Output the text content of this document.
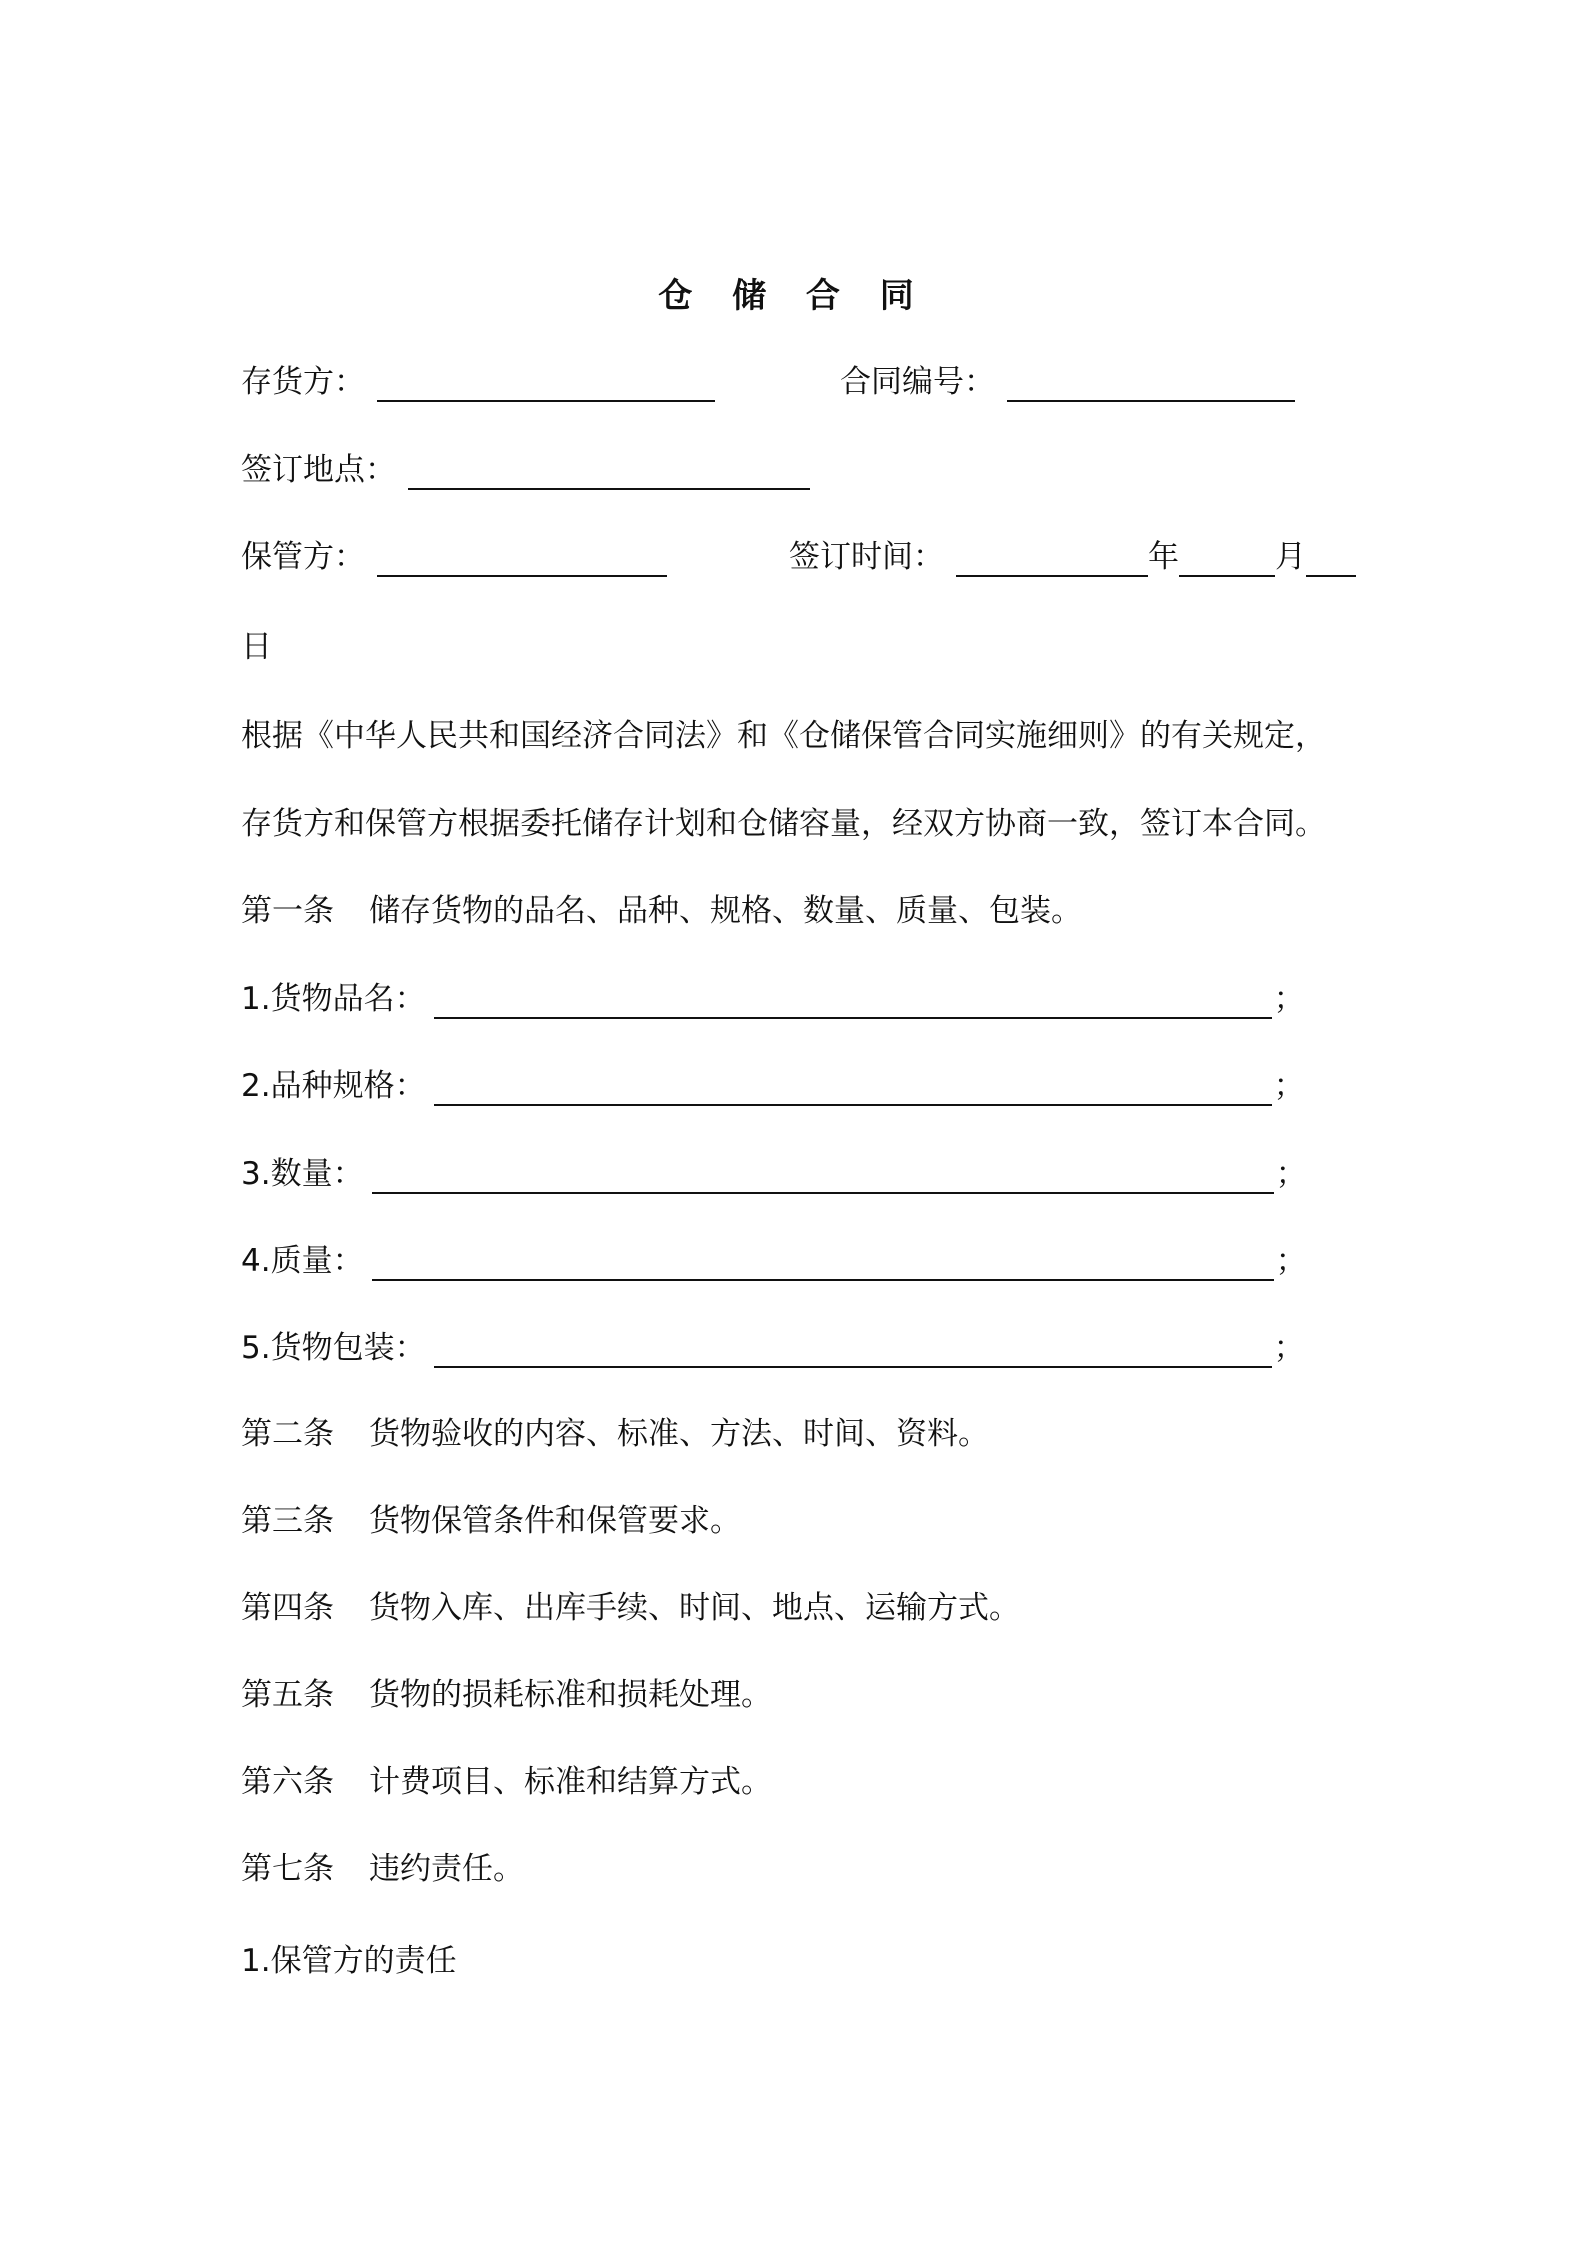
仓 储 合 同
存货方：	合同编号：
签订地点：
保管方：	签订时间：	年	月
日
根据《中华人民共和国经济合同法》和《仓储保管合同实施细则》的有关规定，
存货方和保管方根据委托储存计划和仓储容量，经双方协商一致，签订本合同。
第一条 储存货物的品名、品种、规格、数量、质量、包装。
1.货物品名：	；
2.品种规格：	；
3.数量：	；
4.质量：	；
5.货物包装：	；
第二条 货物验收的内容、标准、方法、时间、资料。
第三条 货物保管条件和保管要求。
第四条 货物入库、出库手续、时间、地点、运输方式。
第五条 货物的损耗标准和损耗处理。
第六条 计费项目、标准和结算方式。
第七条 违约责任。
1.保管方的责任
